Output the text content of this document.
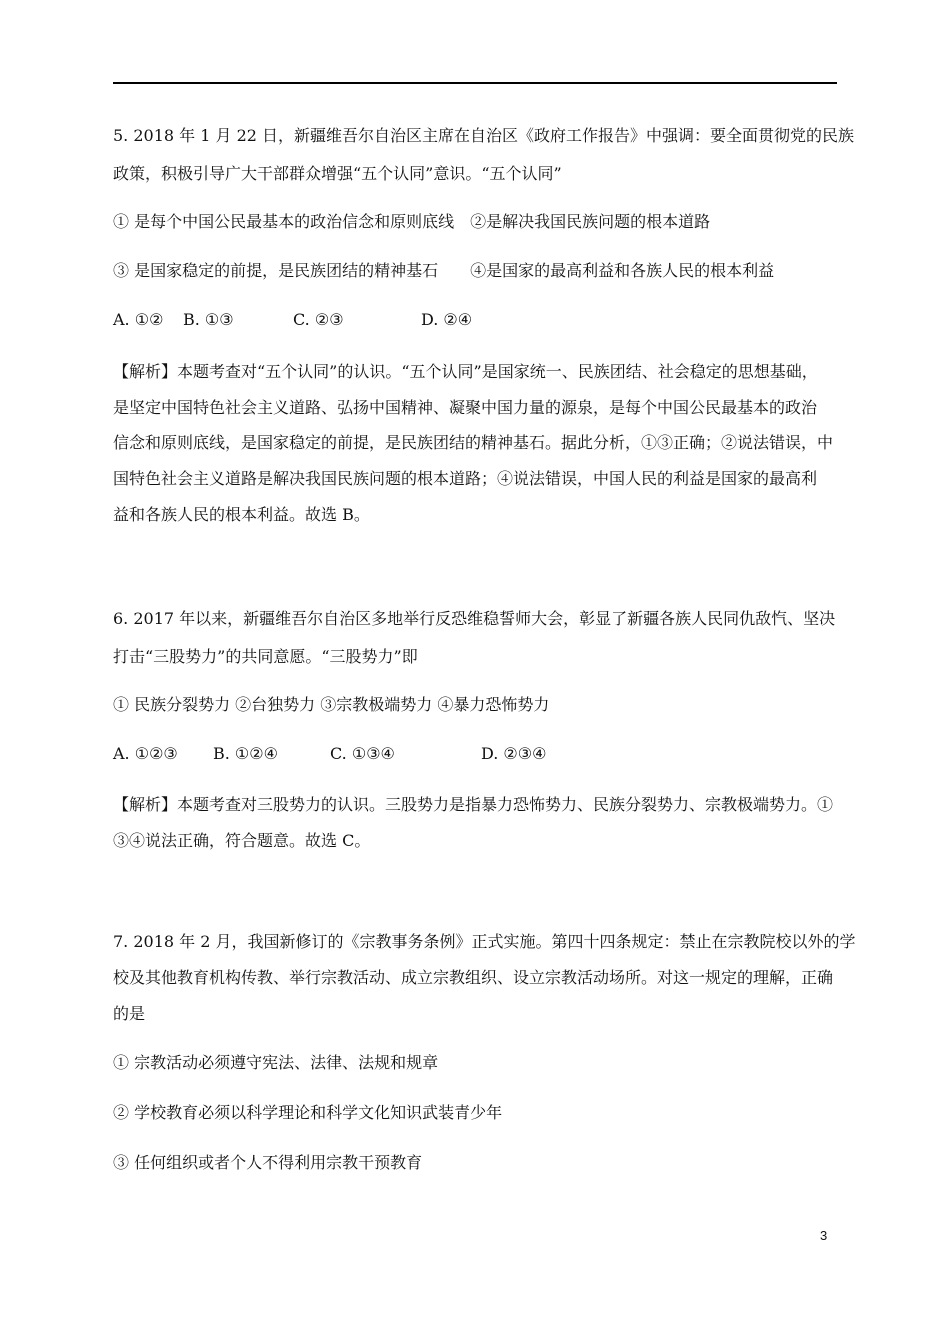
5. 2018 年 1 月 22 日，新疆维吾尔自治区主席在自治区《政府工作报告》中强调：要全面贯彻党的民族
政策，积极引导广大干部群众增强“五个认同”意识。“五个认同”
① 是每个中国公民最基本的政治信念和原则底线　②是解决我国民族问题的根本道路
③ 是国家稳定的前提，是民族团结的精神基石　　④是国家的最高利益和各族人民的根本利益
A. ①② B. ①③	C. ②③	D. ②④
【解析】本题考查对“五个认同”的认识。“五个认同”是国家统一、民族团结、社会稳定的思想基础，
是坚定中国特色社会主义道路、弘扬中国精神、凝聚中国力量的源泉，是每个中国公民最基本的政治
信念和原则底线，是国家稳定的前提，是民族团结的精神基石。据此分析，①③正确；②说法错误，中
国特色社会主义道路是解决我国民族问题的根本道路；④说法错误，中国人民的利益是国家的最高利
益和各族人民的根本利益。故选 B。
6. 2017 年以来，新疆维吾尔自治区多地举行反恐维稳誓师大会，彰显了新疆各族人民同仇敌忾、坚决
打击“三股势力”的共同意愿。“三股势力”即
① 民族分裂势力 ②台独势力 ③宗教极端势力 ④暴力恐怖势力
A. ①②③ B. ①②④	C. ①③④	D. ②③④
【解析】本题考查对三股势力的认识。三股势力是指暴力恐怖势力、民族分裂势力、宗教极端势力。①
③④说法正确，符合题意。故选 C。
7. 2018 年 2 月，我国新修订的《宗教事务条例》正式实施。第四十四条规定：禁止在宗教院校以外的学
校及其他教育机构传教、举行宗教活动、成立宗教组织、设立宗教活动场所。对这一规定的理解，正确
的是
① 宗教活动必须遵守宪法、法律、法规和规章
② 学校教育必须以科学理论和科学文化知识武装青少年
③ 任何组织或者个人不得利用宗教干预教育
3
